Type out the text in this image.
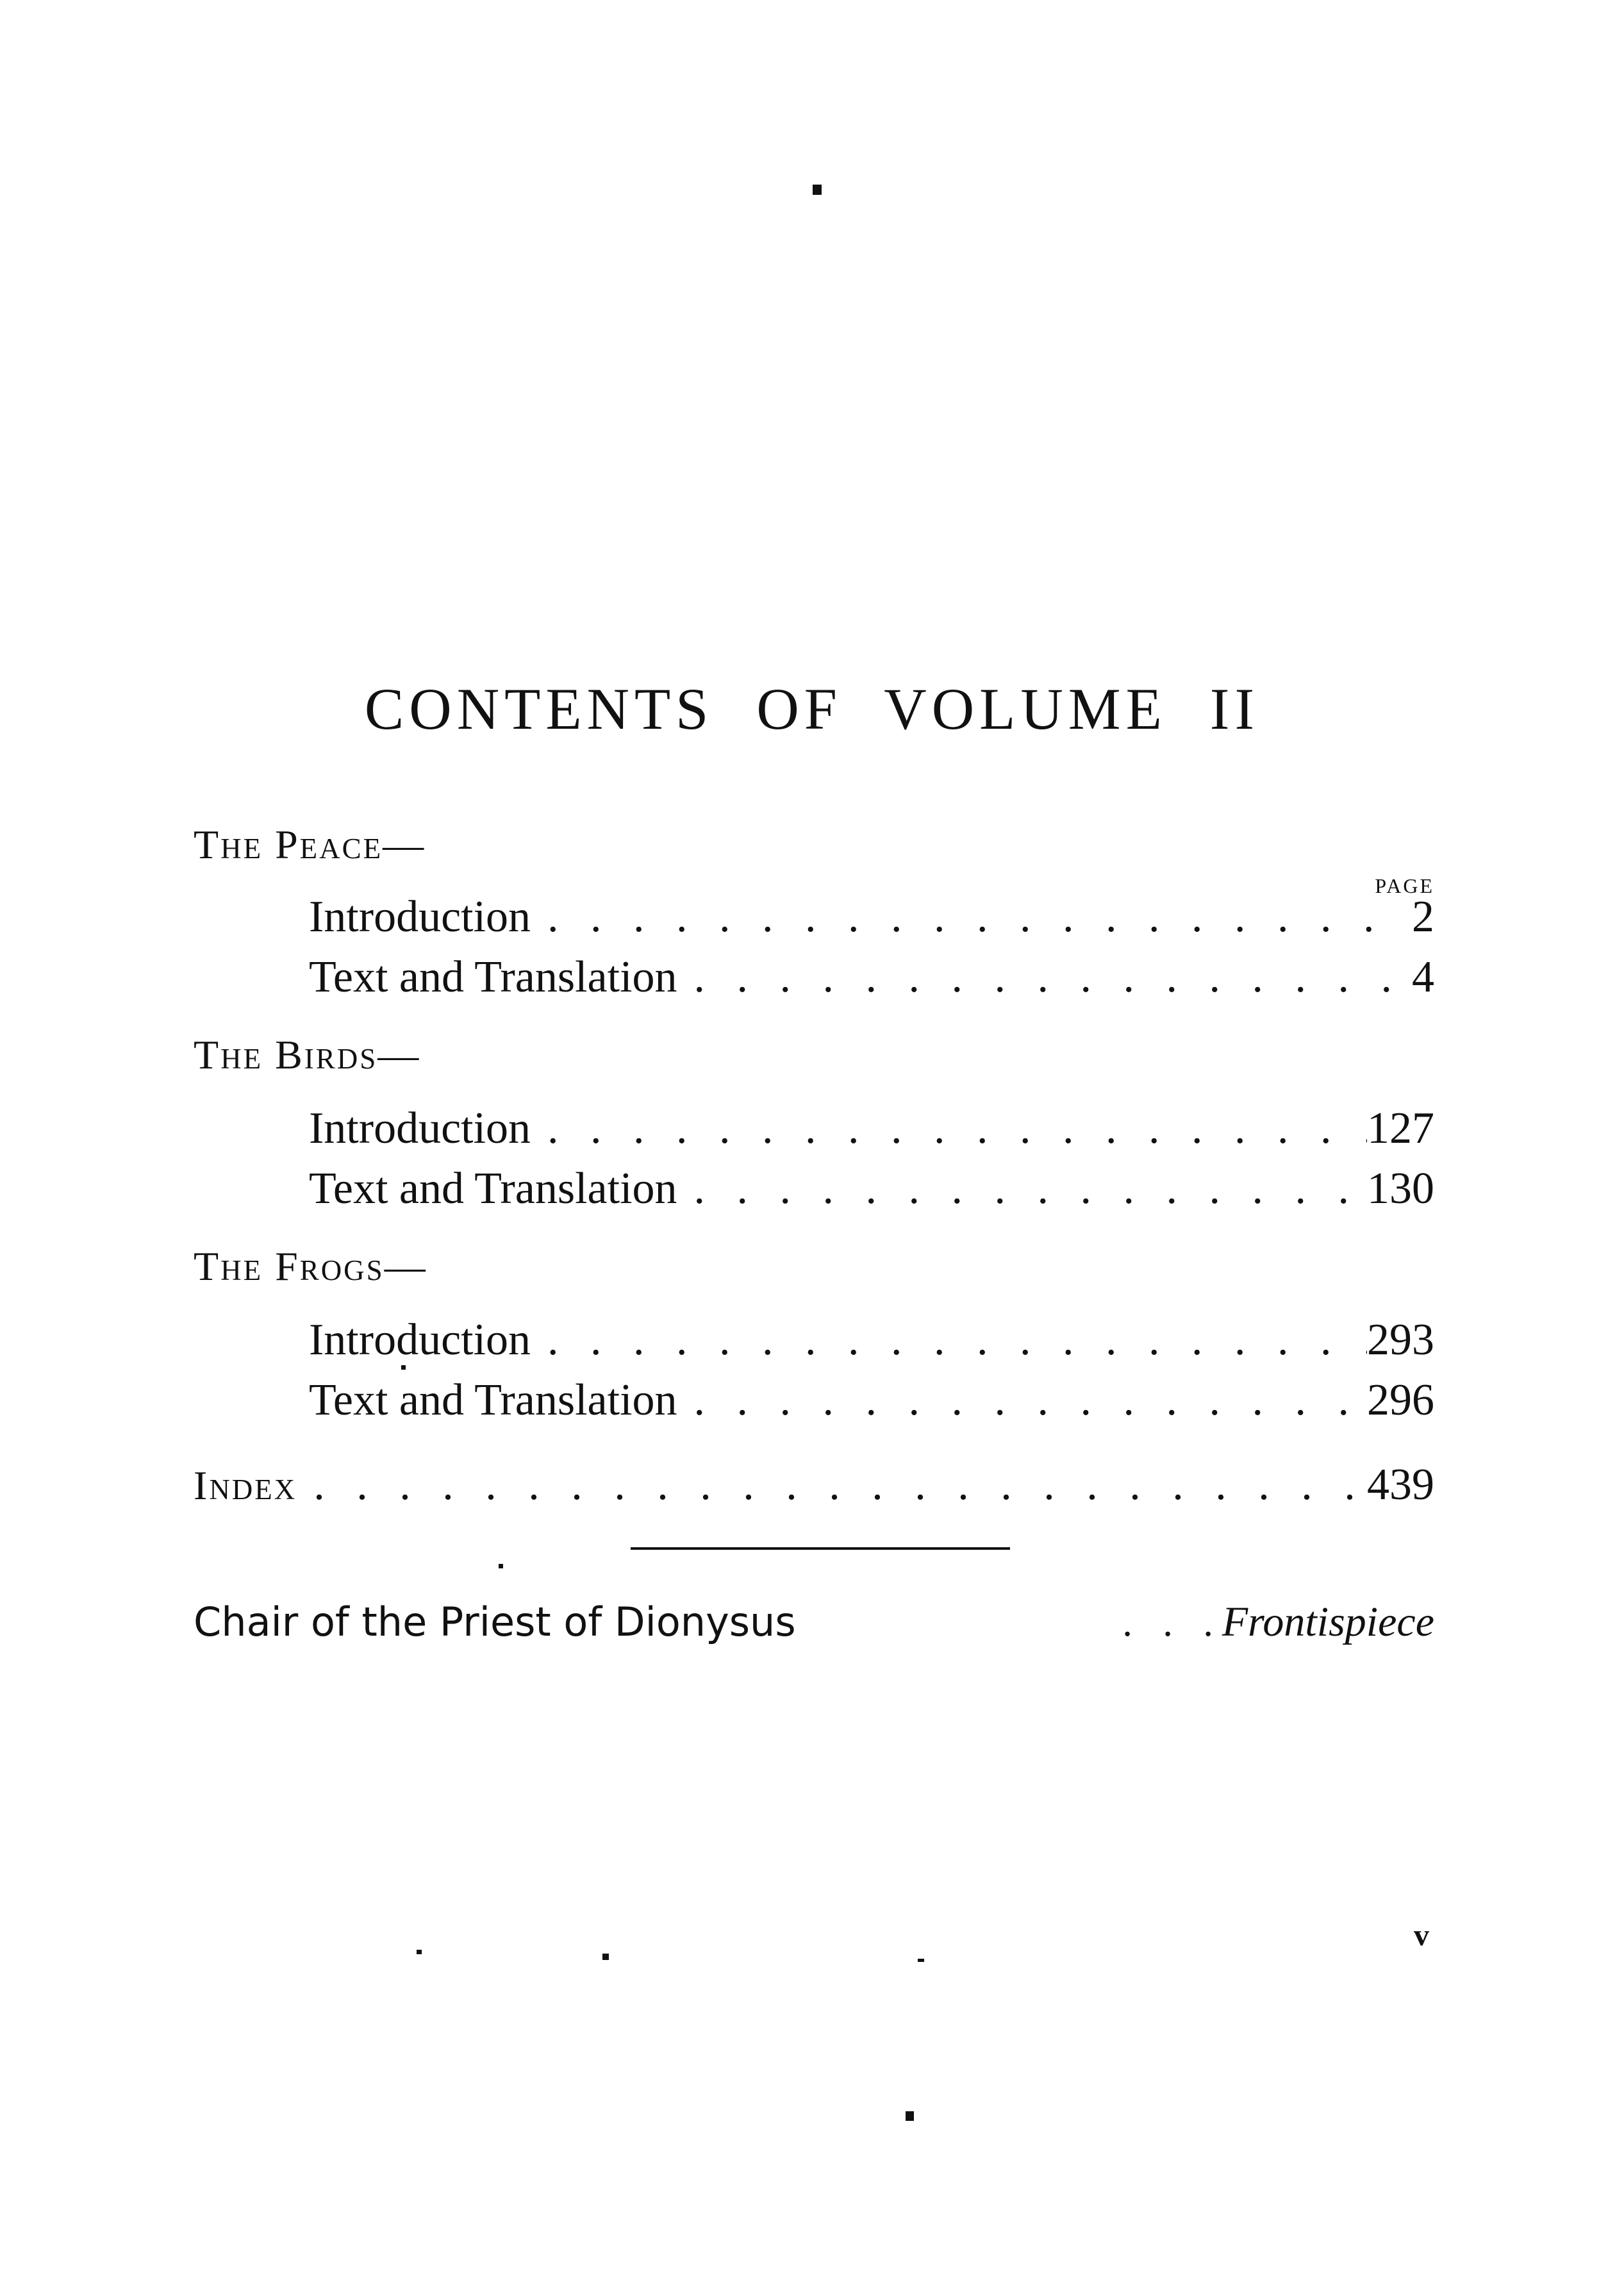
CONTENTS OF VOLUME II
The Peace—
PAGE
Introduction . . .	2
Text and Translation . . .	4
The Birds—
Introduction . . .	127
Text and Translation . . .	130
The Frogs—
Introduction . . .	293
Text and Translation . . .	296
Index . . .	439
Chair of the Priest of Dionysus	. . . Frontispiece
v
